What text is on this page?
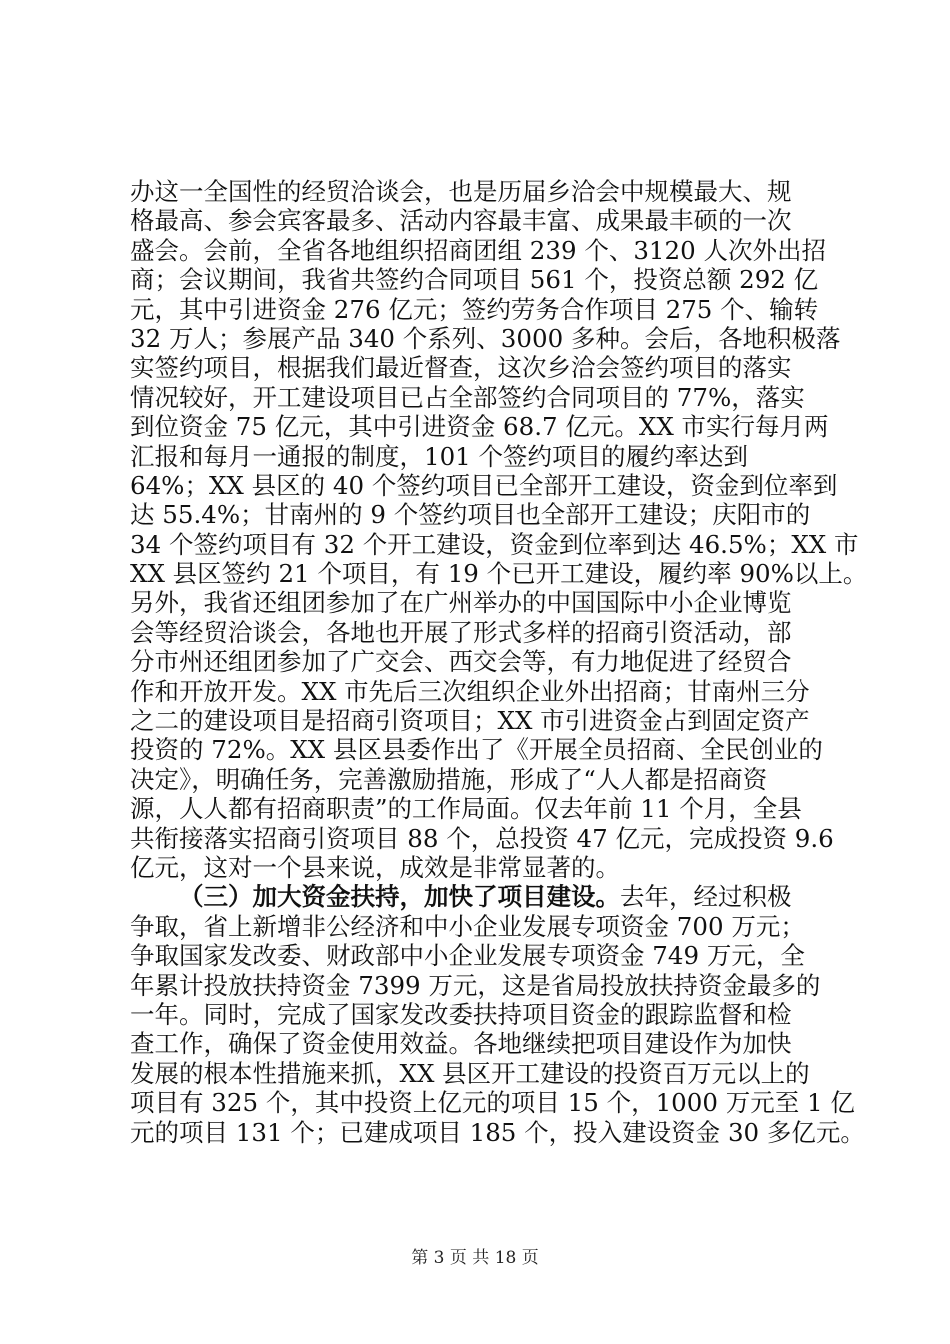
办这一全国性的经贸洽谈会，也是历届乡洽会中规模最大、规
格最高、参会宾客最多、活动内容最丰富、成果最丰硕的一次
盛会。会前，全省各地组织招商团组 239 个、3120 人次外出招
商；会议期间，我省共签约合同项目 561 个，投资总额 292 亿
元，其中引进资金 276 亿元；签约劳务合作项目 275 个、输转
32 万人；参展产品 340 个系列、3000 多种。会后，各地积极落
实签约项目，根据我们最近督查，这次乡洽会签约项目的落实
情况较好，开工建设项目已占全部签约合同项目的 77%，落实
到位资金 75 亿元，其中引进资金 68.7 亿元。XX 市实行每月两
汇报和每月一通报的制度，101 个签约项目的履约率达到
64%；XX 县区的 40 个签约项目已全部开工建设，资金到位率到
达 55.4%；甘南州的 9 个签约项目也全部开工建设；庆阳市的
34 个签约项目有 32 个开工建设，资金到位率到达 46.5%；XX 市
XX 县区签约 21 个项目，有 19 个已开工建设，履约率 90%以上。
另外，我省还组团参加了在广州举办的中国国际中小企业博览
会等经贸洽谈会，各地也开展了形式多样的招商引资活动，部
分市州还组团参加了广交会、西交会等，有力地促进了经贸合
作和开放开发。XX 市先后三次组织企业外出招商；甘南州三分
之二的建设项目是招商引资项目；XX 市引进资金占到固定资产
投资的 72%。XX 县区县委作出了《开展全员招商、全民创业的
决定》，明确任务，完善激励措施，形成了“人人都是招商资
源，人人都有招商职责”的工作局面。仅去年前 11 个月，全县
共衔接落实招商引资项目 88 个，总投资 47 亿元，完成投资 9.6
亿元，这对一个县来说，成效是非常显著的。
（三）加大资金扶持，加快了项目建设。去年，经过积极
争取，省上新增非公经济和中小企业发展专项资金 700 万元；
争取国家发改委、财政部中小企业发展专项资金 749 万元，全
年累计投放扶持资金 7399 万元，这是省局投放扶持资金最多的
一年。同时，完成了国家发改委扶持项目资金的跟踪监督和检
查工作，确保了资金使用效益。各地继续把项目建设作为加快
发展的根本性措施来抓，XX 县区开工建设的投资百万元以上的
项目有 325 个，其中投资上亿元的项目 15 个，1000 万元至 1 亿
元的项目 131 个；已建成项目 185 个，投入建设资金 30 多亿元。
第 3 页 共 18 页
